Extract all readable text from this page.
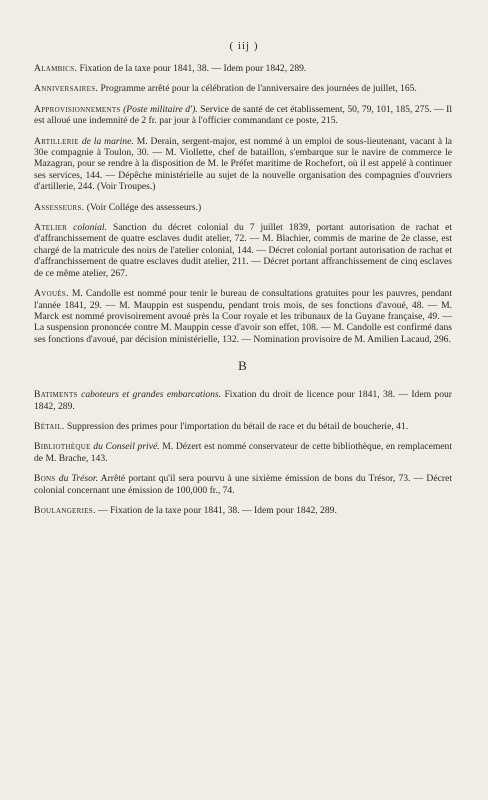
( iij )

Alambics. Fixation de la taxe pour 1841, 38. — Idem pour 1842, 289.

Anniversaires. Programme arrêté pour la célébration de l'anniversaire des journées de juillet, 165.

Approvisionnements (Poste militaire d'). Service de santé de cet établissement, 50, 79, 101, 185, 275. — Il est alloué une indemnité de 2 fr. par jour à l'officier commandant ce poste, 215.

Artillerie de la marine. M. Derain, sergent-major, est nommé à un emploi de sous-lieutenant, vacant à la 30e compagnie à Toulon, 30. — M. Viollette, chef de bataillon, s'embarque sur le navire de commerce le Mazagran, pour se rendre à la disposition de M. le Préfet maritime de Rochefort, où il est appelé à continuer ses services, 144. — Dépêche ministérielle au sujet de la nouvelle organisation des compagnies d'ouvriers d'artillerie, 244. (Voir Troupes.)

Assesseurs. (Voir Collége des assesseurs.)

Atelier colonial. Sanction du décret colonial du 7 juillet 1839, portant autorisation de rachat et d'affranchissement de quatre esclaves dudit atelier, 72. — M. Blachier, commis de marine de 2e classe, est chargé de la matricule des noirs de l'atelier colonial, 144. — Décret colonial portant autorisation de rachat et d'affranchissement de quatre esclaves dudit atelier, 211. — Décret portant affranchissement de cinq esclaves de ce même atelier, 267.

Avoués. M. Candolle est nommé pour tenir le bureau de consultations gratuites pour les pauvres, pendant l'année 1841, 29. — M. Mauppin est suspendu, pendant trois mois, de ses fonctions d'avoué, 48. — M. Marck est nommé provisoirement avoué près la Cour royale et les tribunaux de la Guyane française, 49. — La suspension prononcée contre M. Mauppin cesse d'avoir son effet, 108. — M. Candolle est confirmé dans ses fonctions d'avoué, par décision ministérielle, 132. — Nomination provisoire de M. Amilien Lacaud, 296.

B

Batiments caboteurs et grandes embarcations. Fixation du droit de licence pour 1841, 38. — Idem pour 1842, 289.

Bétail. Suppression des primes pour l'importation du bétail de race et du bétail de boucherie, 41.

Bibliothèque du Conseil privé. M. Dézert est nommé conservateur de cette bibliothèque, en remplacement de M. Brache, 143.

Bons du Trésor. Arrêté portant qu'il sera pourvu à une sixième émission de bons du Trésor, 73. — Décret colonial concernant une émission de 100,000 fr., 74.

Boulangeries. — Fixation de la taxe pour 1841, 38. — Idem pour 1842, 289.
